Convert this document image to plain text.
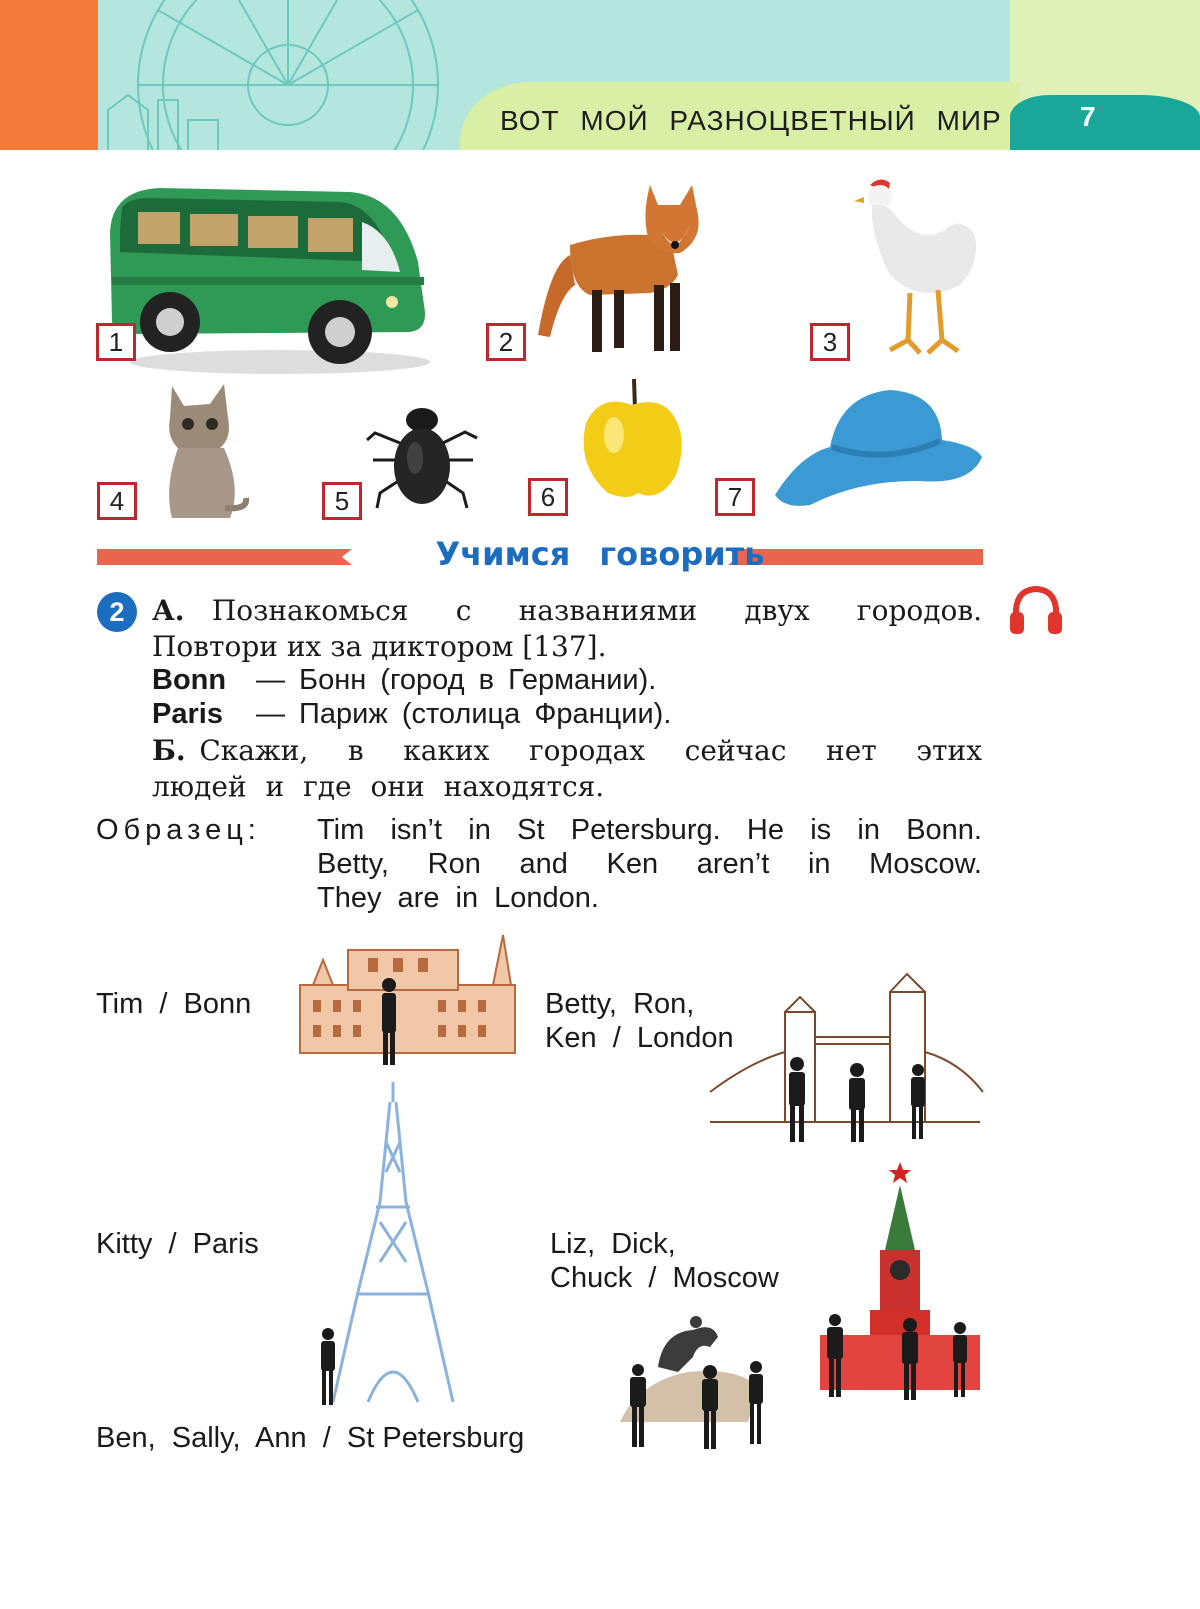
ВОТ МОЙ РАЗНОЦВЕТНЫЙ МИР	7
1	2	3
4	5	6	7
Учимся говорить
2 А. Познакомься с названиями двух городов.
Повтори их за диктором [137].
Bonn — Бонн (город в Германии).
Paris — Париж (столица Франции).
Б. Скажи, в каких городах сейчас нет этих
людей и где они находятся.
Образец: Tim isn’t in St Petersburg. He is in Bonn.
Betty, Ron and Ken aren’t in Moscow.
They are in London.
Tim  /  Bonn	Betty,  Ron,
Ken  /  London
Kitty  /  Paris	Liz,  Dick,
Chuck  /  Moscow
Ben,  Sally,  Ann  /  St Petersburg
